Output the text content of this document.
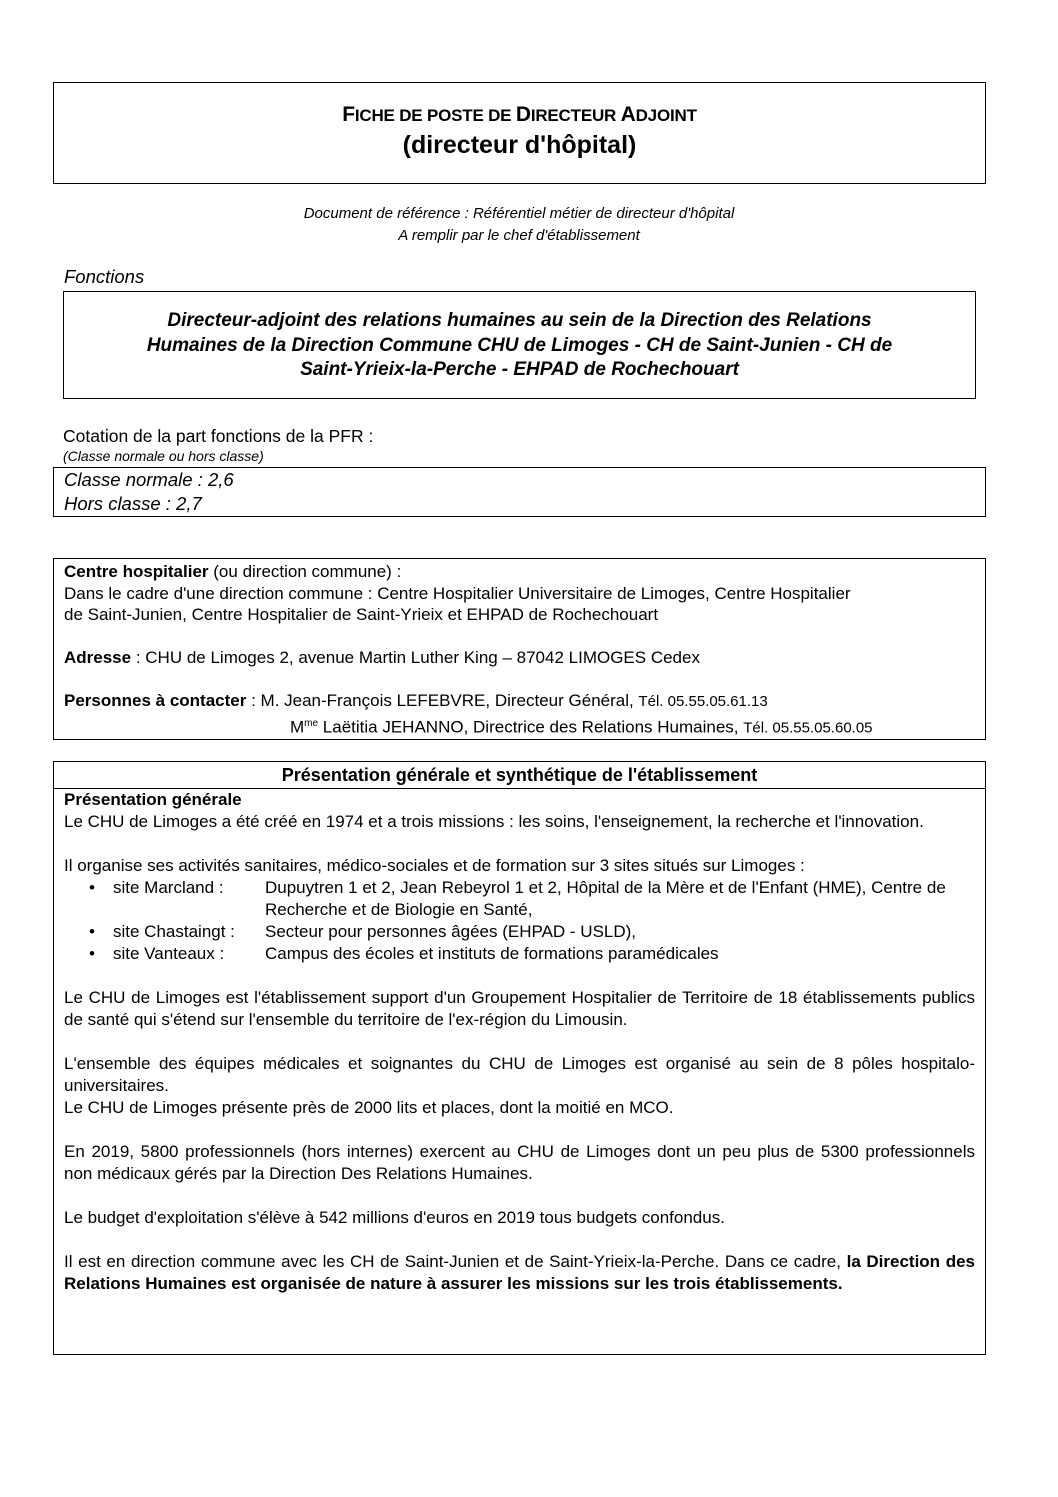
FICHE DE POSTE DE DIRECTEUR ADJOINT
(directeur d'hôpital)
Document de référence : Référentiel métier de directeur d'hôpital
A remplir par le chef d'établissement
Fonctions
Directeur-adjoint des relations humaines au sein de la Direction des Relations
Humaines de la Direction Commune CHU de Limoges - CH de Saint-Junien - CH de
Saint-Yrieix-la-Perche - EHPAD de Rochechouart
Cotation de la part fonctions de la PFR :
(Classe normale ou hors classe)
Classe normale : 2,6
Hors classe : 2,7

Centre hospitalier (ou direction commune) :

Dans le cadre d'une direction commune : Centre Hospitalier Universitaire de Limoges, Centre Hospitalier

de Saint-Junien, Centre Hospitalier de Saint-Yrieix et EHPAD de Rochechouart

Adresse : CHU de Limoges 2, avenue Martin Luther King – 87042 LIMOGES Cedex

Personnes à contacter : M. Jean-François LEFEBVRE, Directeur Général, Tél. 05.55.05.61.13

$M^{me}$ Laëtitia JEHANNO, Directrice des Relations Humaines, Tél. 05.55.05.60.05

Présentation générale et synthétique de l'établissement

Présentation générale

Le CHU de Limoges a été créé en 1974 et a trois missions : les soins, l'enseignement, la recherche et l'innovation.

Il organise ses activités sanitaires, médico-sociales et de formation sur 3 sites situés sur Limoges :

•	site Marcland :	Dupuytren 1 et 2, Jean Rebeyrol 1 et 2, Hôpital de la Mère et de l'Enfant (HME), Centre de Recherche et de Biologie en Santé,
•	site Chastaingt :	Secteur pour personnes âgées (EHPAD - USLD),
•	site Vanteaux :	Campus des écoles et instituts de formations paramédicales

Le CHU de Limoges est l'établissement support d'un Groupement Hospitalier de Territoire de 18 établissements publics de santé qui s'étend sur l'ensemble du territoire de l'ex-région du Limousin.

L'ensemble des équipes médicales et soignantes du CHU de Limoges est organisé au sein de 8 pôles hospitalo-universitaires.

Le CHU de Limoges présente près de 2000 lits et places, dont la moitié en MCO.

En 2019, 5800 professionnels (hors internes) exercent au CHU de Limoges dont un peu plus de 5300 professionnels non médicaux gérés par la Direction Des Relations Humaines.

Le budget d'exploitation s'élève à 542 millions d'euros en 2019 tous budgets confondus.

Il est en direction commune avec les CH de Saint-Junien et de Saint-Yrieix-la-Perche. Dans ce cadre, la Direction des Relations Humaines est organisée de nature à assurer les missions sur les trois établissements.
